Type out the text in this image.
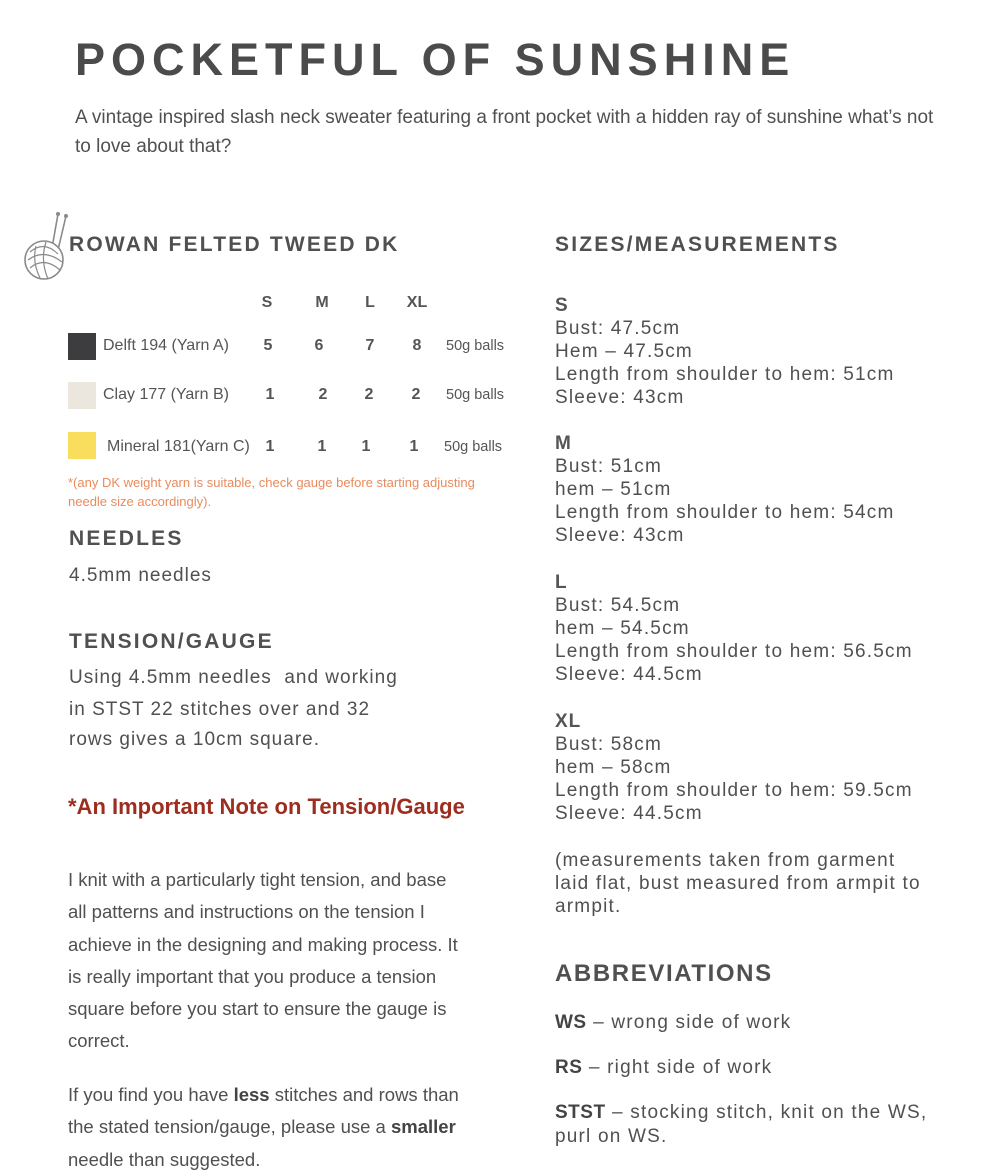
POCKETFUL OF SUNSHINE
A vintage inspired slash neck sweater featuring a front pocket with a hidden ray of sunshine what’s not to love about that?
ROWAN FELTED TWEED DK
S	M	L	XL
Delft 194 (Yarn A)	5	6	7	8	50g balls
Clay 177 (Yarn B)	1	2	2	2	50g balls
Mineral 181(Yarn C) 1	1	1	1	50g balls
*(any DK weight yarn is suitable, check gauge before starting adjusting needle size accordingly).
NEEDLES
4.5mm needles
TENSION/GAUGE
Using 4.5mm needles  and working
in STST 22 stitches over and 32
rows gives a 10cm square.
*An Important Note on Tension/Gauge
I knit with a particularly tight tension, and base all patterns and instructions on the tension I achieve in the designing and making process. It is really important that you produce a tension square before you start to ensure the gauge is correct.
If you find you have less stitches and rows than the stated tension/gauge, please use a smaller needle than suggested.
SIZES/MEASUREMENTS
S
Bust: 47.5cm
Hem – 47.5cm
Length from shoulder to hem: 51cm
Sleeve: 43cm
M
Bust: 51cm
hem – 51cm
Length from shoulder to hem: 54cm
Sleeve: 43cm
L
Bust: 54.5cm
hem – 54.5cm
Length from shoulder to hem: 56.5cm
Sleeve: 44.5cm
XL
Bust: 58cm
hem – 58cm
Length from shoulder to hem: 59.5cm
Sleeve: 44.5cm
(measurements taken from garment laid flat, bust measured from armpit to armpit.
ABBREVIATIONS
WS – wrong side of work
RS – right side of work
STST – stocking stitch, knit on the WS, purl on WS.
